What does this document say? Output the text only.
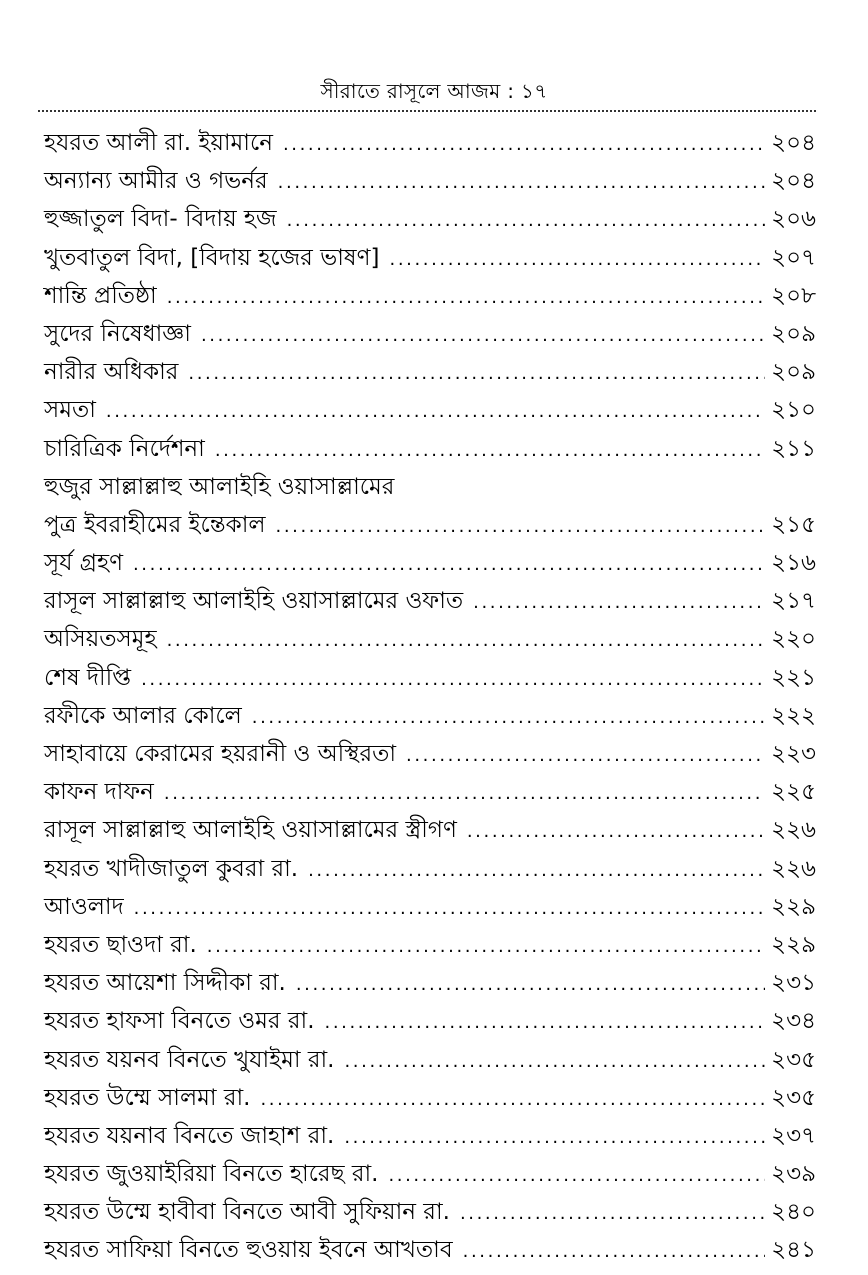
সীরাতে রাসূলে আজম : ১৭
হযরত আলী রা. ইয়ামানে .....	২০৪
অন্যান্য আমীর ও গভর্নর .....	২০৪
হুজ্জাতুল বিদা- বিদায় হজ .....	২০৬
খুতবাতুল বিদা, [বিদায় হজের ভাষণ] .....	২০৭
শান্তি প্রতিষ্ঠা .....	২০৮
সুদের নিষেধাজ্ঞা .....	২০৯
নারীর অধিকার .....	২০৯
সমতা .....	২১০
চারিত্রিক নির্দেশনা .....	২১১
হুজুর সাল্লাল্লাহু আলাইহি ওয়াসাল্লামের
পুত্র ইবরাহীমের ইন্তেকাল .....	২১৫
সূর্য গ্রহণ .....	২১৬
রাসূল সাল্লাল্লাহু আলাইহি ওয়াসাল্লামের ওফাত .....	২১৭
অসিয়তসমূহ .....	২২০
শেষ দীপ্তি .....	২২১
রফীকে আলার কোলে .....	২২২
সাহাবায়ে কেরামের হয়রানী ও অস্থিরতা .....	২২৩
কাফন দাফন .....	২২৫
রাসূল সাল্লাল্লাহু আলাইহি ওয়াসাল্লামের স্ত্রীগণ .....	২২৬
হযরত খাদীজাতুল কুবরা রা. .....	২২৬
আওলাদ .....	২২৯
হযরত ছাওদা রা. .....	২২৯
হযরত আয়েশা সিদ্দীকা রা. .....	২৩১
হযরত হাফসা বিনতে ওমর রা. .....	২৩৪
হযরত যয়নব বিনতে খুযাইমা রা. .....	২৩৫
হযরত উম্মে সালমা রা. .....	২৩৫
হযরত যয়নাব বিনতে জাহাশ রা. .....	২৩৭
হযরত জুওয়াইরিয়া বিনতে হারেছ রা. .....	২৩৯
হযরত উম্মে হাবীবা বিনতে আবী সুফিয়ান রা. .....	২৪০
হযরত সাফিয়া বিনতে হুওয়ায় ইবনে আখতাব .....	২৪১
